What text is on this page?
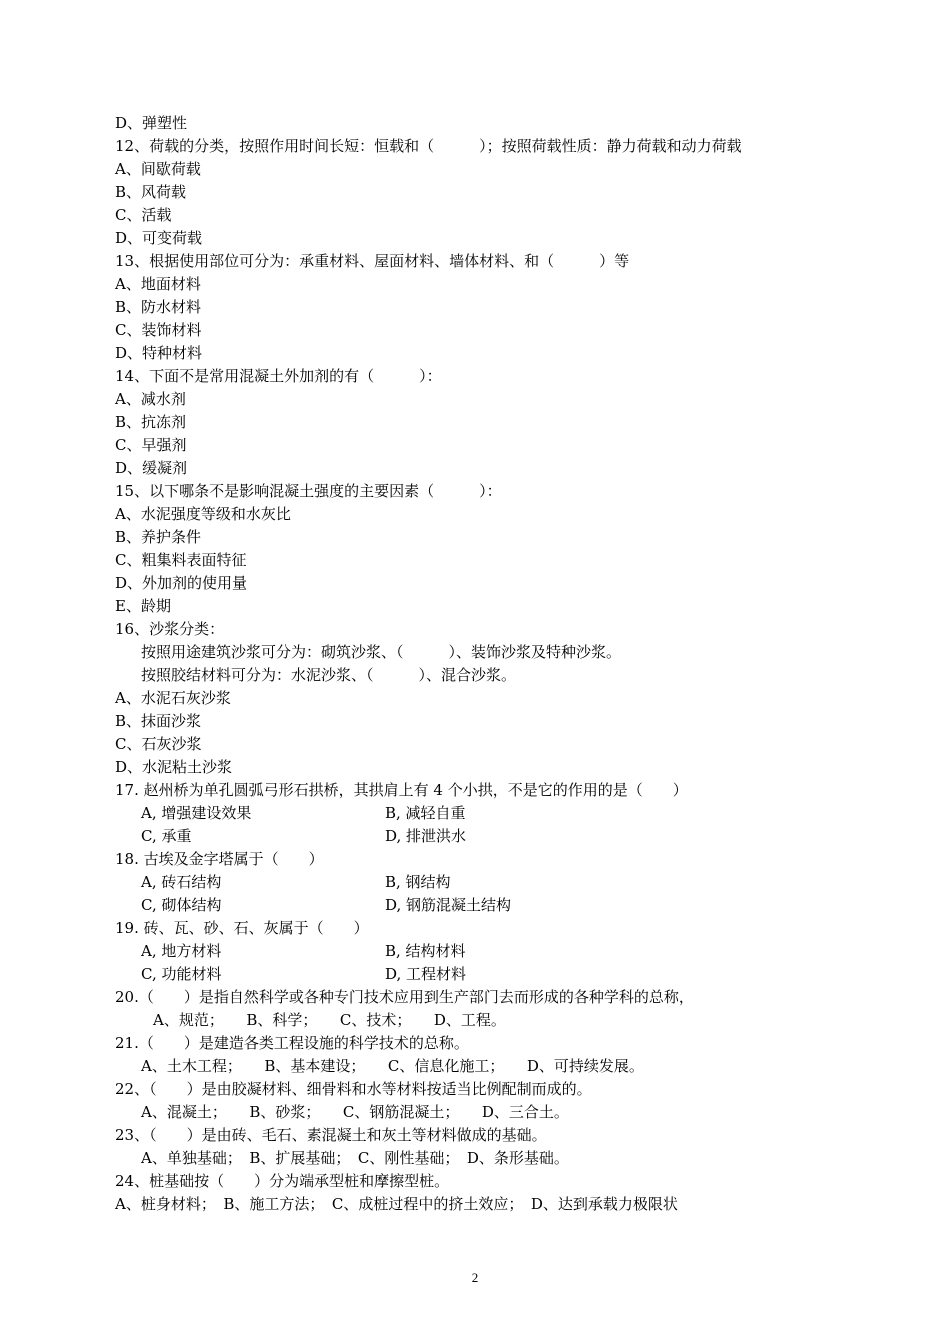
D、弹塑性
12、荷载的分类，按照作用时间长短：恒载和（　　　）；按照荷载性质：静力荷载和动力荷载
A、间歇荷载
B、风荷载
C、活载
D、可变荷载
13、根据使用部位可分为：承重材料、屋面材料、墙体材料、和（　　　）等
A、地面材料
B、防水材料
C、装饰材料
D、特种材料
14、下面不是常用混凝土外加剂的有（　　　）：
A、减水剂
B、抗冻剂
C、早强剂
D、缓凝剂
15、以下哪条不是影响混凝土强度的主要因素（　　　）：
A、水泥强度等级和水灰比
B、养护条件
C、粗集料表面特征
D、外加剂的使用量
E、龄期
16、沙浆分类：
按照用途建筑沙浆可分为：砌筑沙浆、（　　　）、装饰沙浆及特种沙浆。
按照胶结材料可分为：水泥沙浆、（　　　）、混合沙浆。
A、水泥石灰沙浆
B、抹面沙浆
C、石灰沙浆
D、水泥粘土沙浆
17. 赵州桥为单孔圆弧弓形石拱桥，其拱肩上有 4 个小拱，不是它的作用的是（　　）
A, 增强建设效果	B, 减轻自重
C, 承重	D, 排泄洪水
18. 古埃及金字塔属于（　　）
A, 砖石结构	B, 钢结构
C, 砌体结构	D, 钢筋混凝土结构
19. 砖、瓦、砂、石、灰属于（　　）
A, 地方材料	B, 结构材料
C, 功能材料	D, 工程材料
20.（　　）是指自然科学或各种专门技术应用到生产部门去而形成的各种学科的总称，
A、规范；　　B、科学；　　C、技术；　　D、工程。
21.（　　）是建造各类工程设施的科学技术的总称。
A、土木工程；　　B、基本建设；　　C、信息化施工；　　D、可持续发展。
22、（　　）是由胶凝材料、细骨料和水等材料按适当比例配制而成的。
A、混凝土；　　B、砂浆；　　C、钢筋混凝土；　　D、三合土。
23、（　　）是由砖、毛石、素混凝土和灰土等材料做成的基础。
A、单独基础；　B、扩展基础；　C、刚性基础；　D、条形基础。
24、桩基础按（　　）分为端承型桩和摩擦型桩。
A、桩身材料；　B、施工方法；　C、成桩过程中的挤土效应；　D、达到承载力极限状
2
